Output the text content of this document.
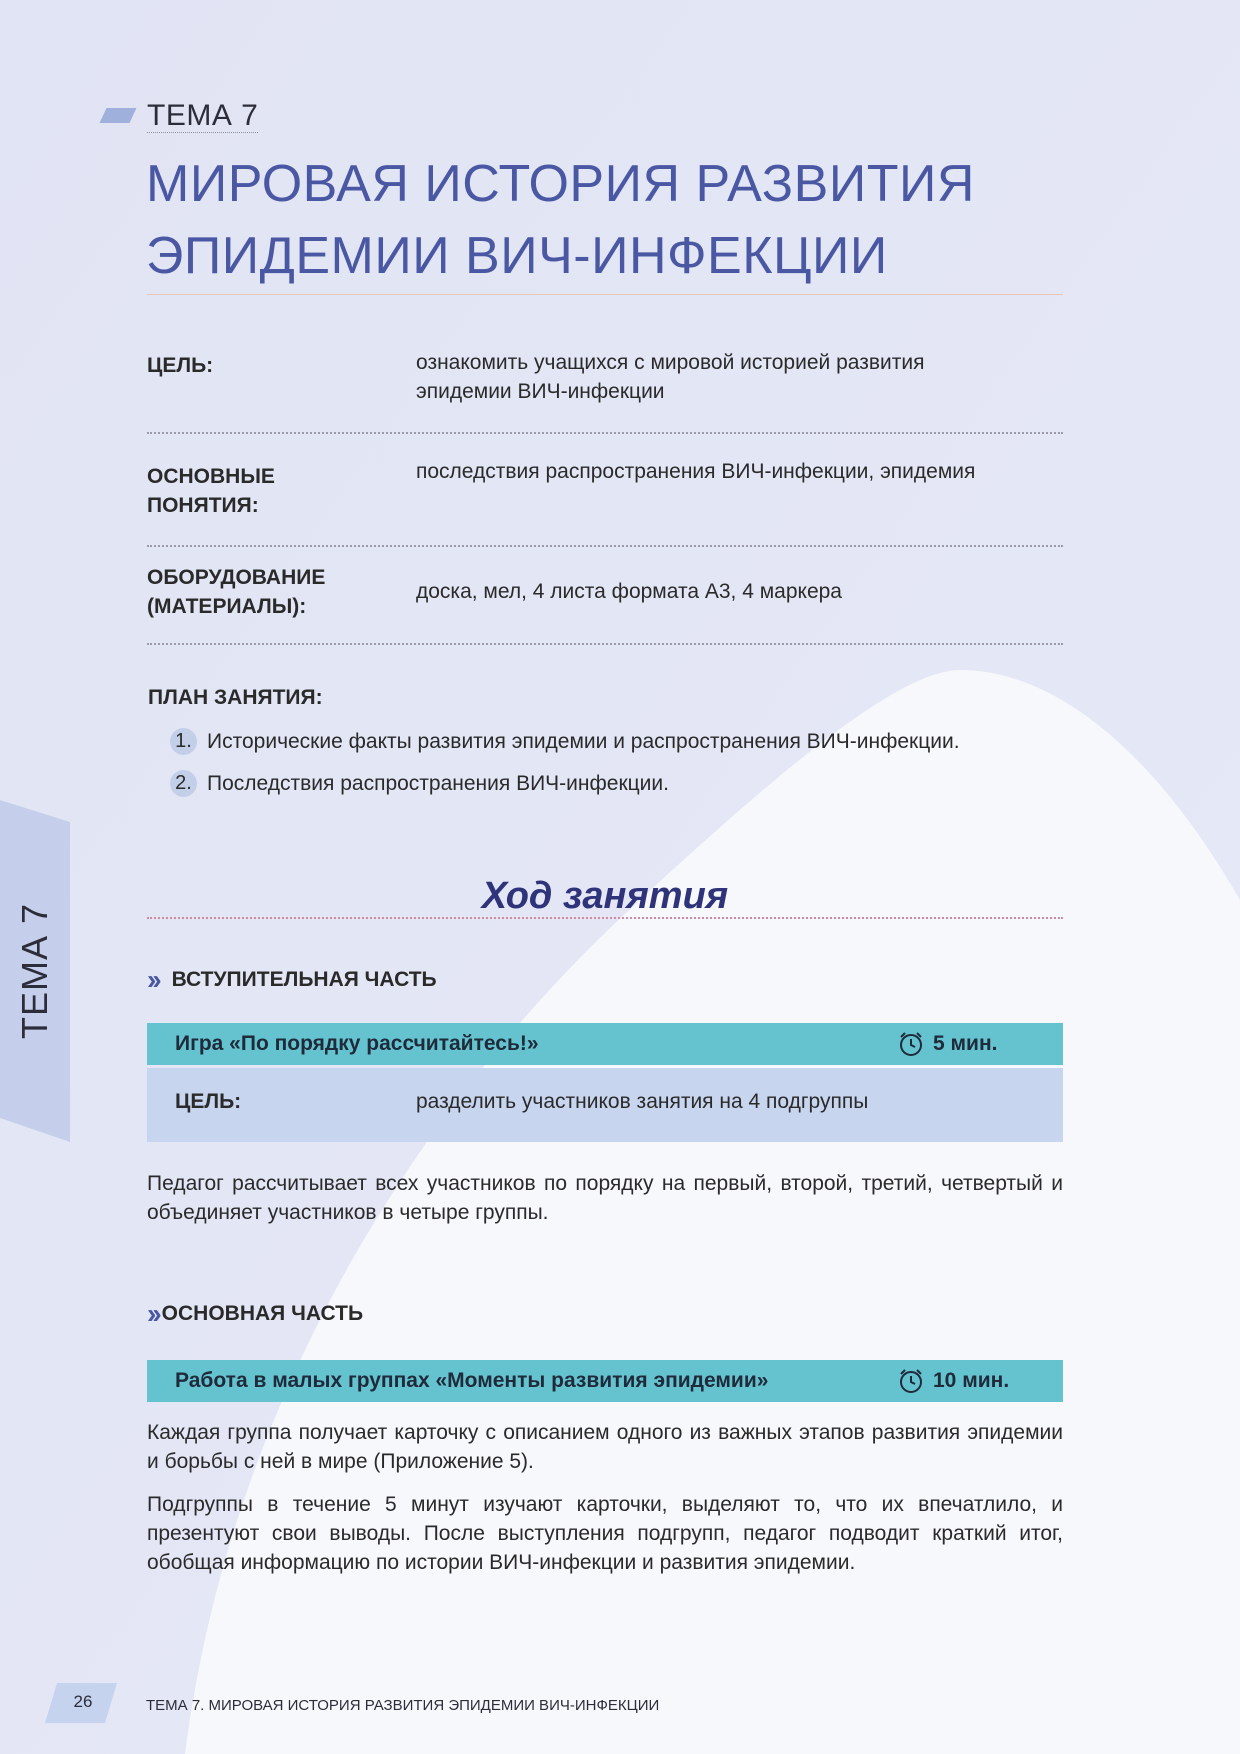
ТЕМА 7
МИРОВАЯ ИСТОРИЯ РАЗВИТИЯ ЭПИДЕМИИ ВИЧ-ИНФЕКЦИИ
ЦЕЛЬ:	ознакомить учащихся с мировой историей развития эпидемии ВИЧ-инфекции
ОСНОВНЫЕ ПОНЯТИЯ:
последствия распространения ВИЧ-инфекции, эпидемия
ОБОРУДОВАНИЕ (МАТЕРИАЛЫ):
доска, мел, 4 листа формата А3, 4 маркера
ПЛАН ЗАНЯТИЯ:
1. Исторические факты развития эпидемии и распространения ВИЧ-инфекции.
2. Последствия распространения ВИЧ-инфекции.
ТЕМА 7
Ход занятия
›› ВСТУПИТЕЛЬНАЯ ЧАСТЬ
Игра «По порядку рассчитайтесь!»	5 мин.
ЦЕЛЬ:	разделить участников занятия на 4 подгруппы
Педагог рассчитывает всех участников по порядку на первый, второй, третий, четвертый и объединяет участников в четыре группы.
›› ОСНОВНАЯ ЧАСТЬ
Работа в малых группах «Моменты развития эпидемии»	10 мин.
Каждая группа получает карточку с описанием одного из важных этапов развития эпидемии и борьбы с ней в мире (Приложение 5).
Подгруппы в течение 5 минут изучают карточки, выделяют то, что их впечатлило, и презентуют свои выводы. После выступления подгрупп, педагог подводит краткий итог, обобщая информацию по истории ВИЧ-инфекции и развития эпидемии.
26	ТЕМА 7. МИРОВАЯ ИСТОРИЯ РАЗВИТИЯ ЭПИДЕМИИ ВИЧ-ИНФЕКЦИИ
